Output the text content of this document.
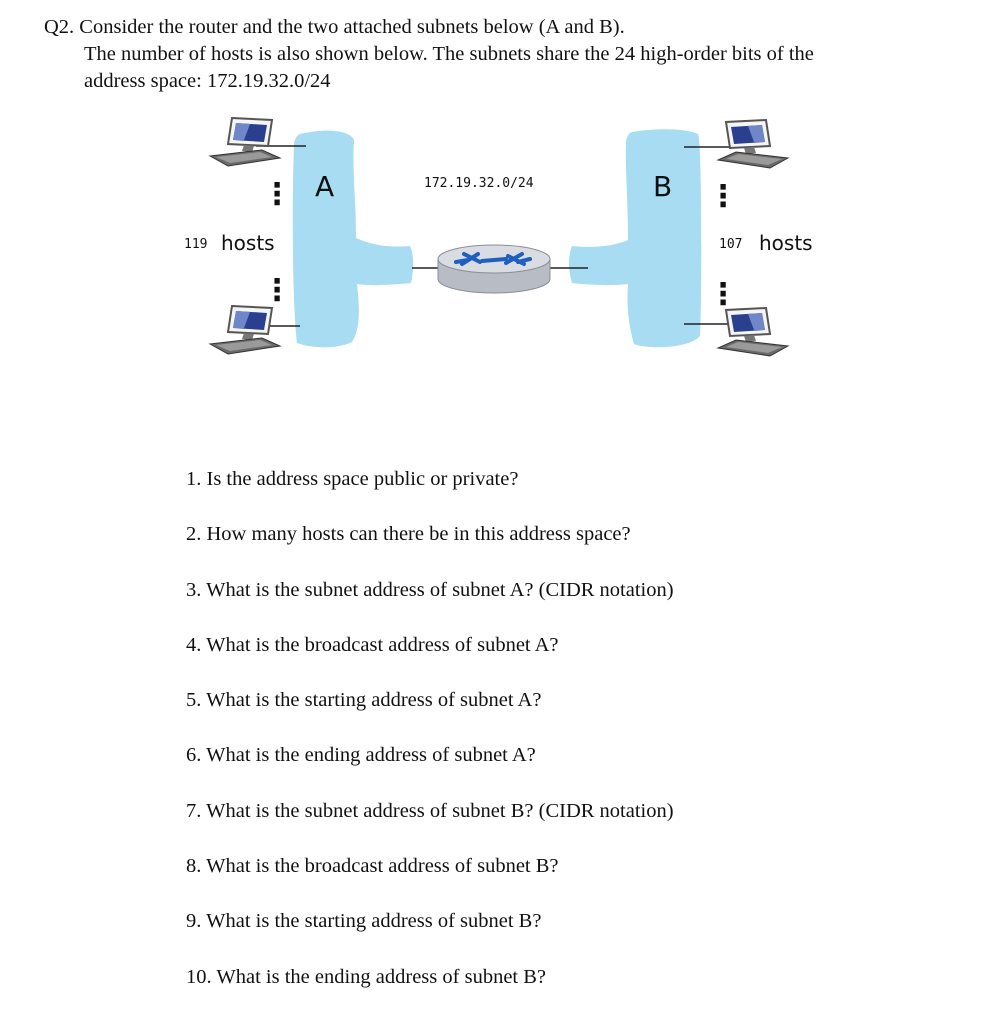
Q2. Consider the router and the two attached subnets below (A and B).
The number of hosts is also shown below. The subnets share the 24 high-order bits of the
address space: 172.19.32.0/24
⋮
⋮
⋮
⋮
A	B
172.19.32.0/24
119 hosts	107 hosts
1. Is the address space public or private?
2. How many hosts can there be in this address space?
3. What is the subnet address of subnet A? (CIDR notation)
4. What is the broadcast address of subnet A?
5. What is the starting address of subnet A?
6. What is the ending address of subnet A?
7. What is the subnet address of subnet B? (CIDR notation)
8. What is the broadcast address of subnet B?
9. What is the starting address of subnet B?
10. What is the ending address of subnet B?
